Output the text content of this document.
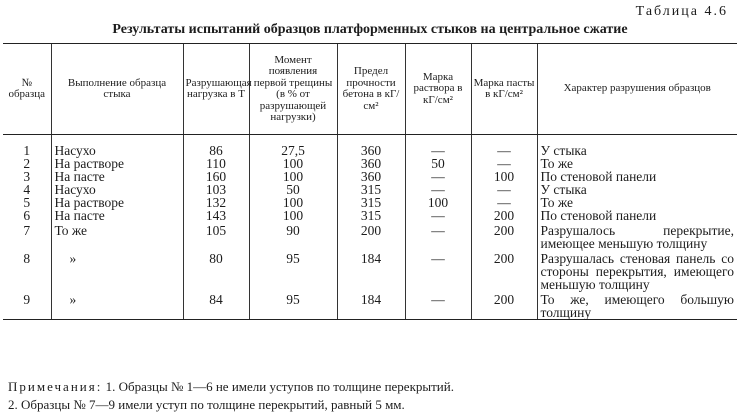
Таблица 4.6
Результаты испытаний образцов платформенных стыков на центральное сжатие
№ образца	Выполнение образца стыка	Разрушающая нагрузка в Т	Момент появления первой трещины (в % от разрушающей нагрузки)	Предел прочности бетона в кГ/см²	Марка раствора в кГ/см²	Марка пасты в кГ/см²	Характер разрушения образцов
1	Насухо	86	27,5	360	—	—	У стыка
2	На растворе	110	100	360	50	—	То же
3	На пасте	160	100	360	—	100	По стеновой панели
4	Насухо	103	50	315	—	—	У стыка
5	На растворе	132	100	315	100	—	То же
6	На пасте	143	100	315	—	200	По стеновой панели
7	То же	105	90	200	—	200	Разрушалось перекрытие, имеющее меньшую толщину
8	»	80	95	184	—	200	Разрушалась стеновая панель со стороны перекрытия, имеющего меньшую толщину
9	»	84	95	184	—	200	То же, имеющего большую толщину
Примечания: 1. Образцы № 1—6 не имели уступов по толщине перекрытий.
2. Образцы № 7—9 имели уступ по толщине перекрытий, равный 5 мм.
